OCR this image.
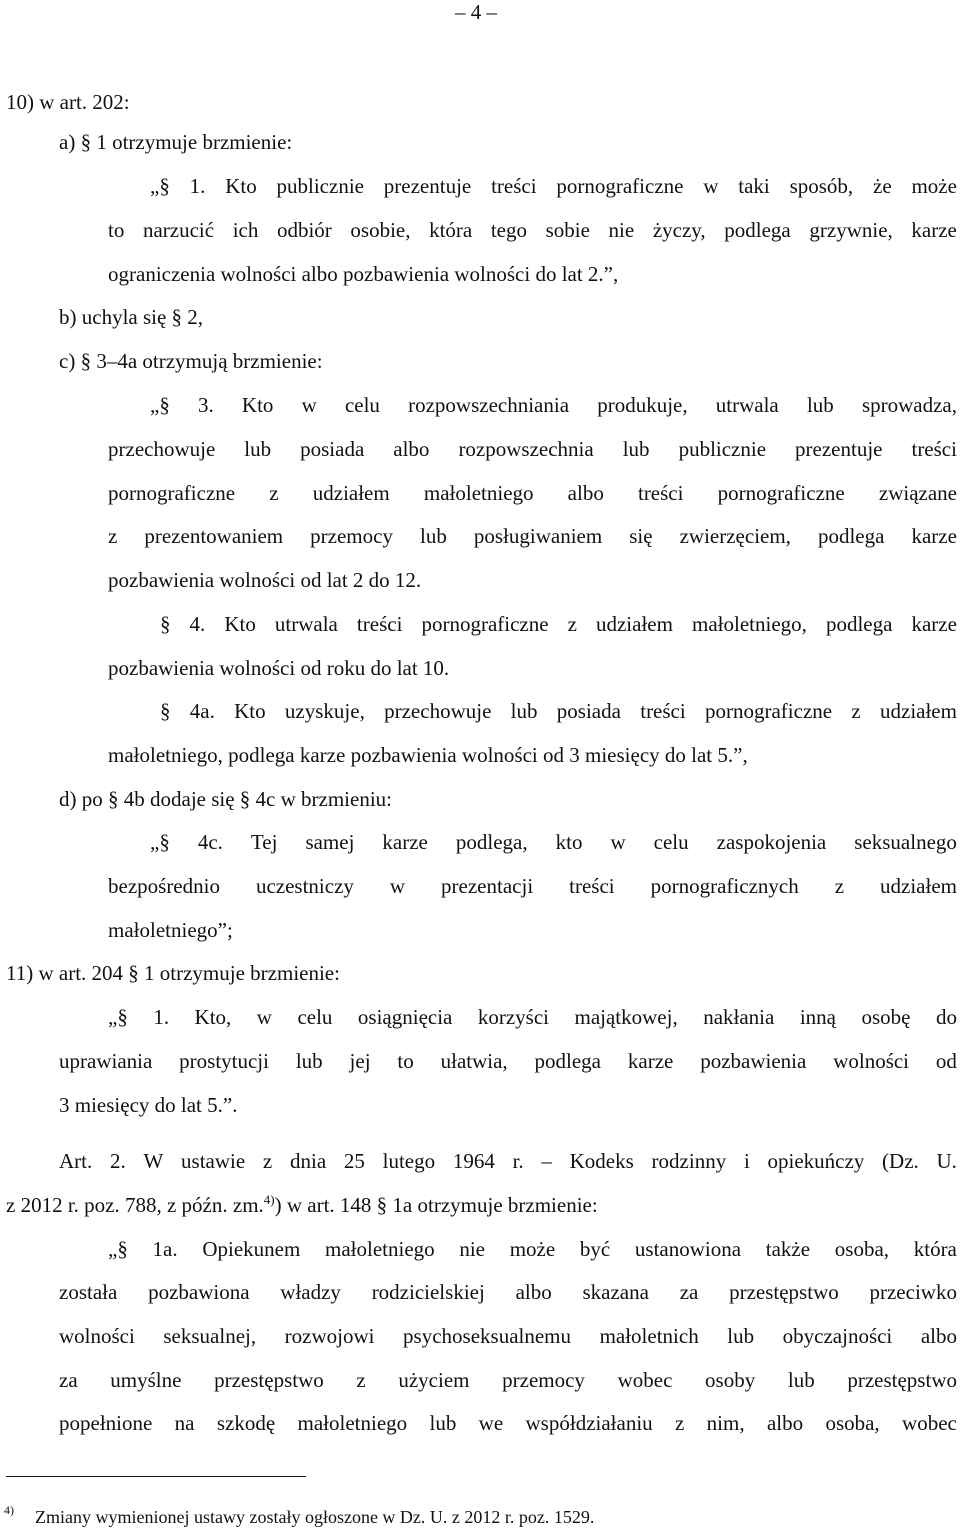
– 4 –
10) w art. 202:
a) § 1 otrzymuje brzmienie:
„§ 1. Kto publicznie prezentuje treści pornograficzne w taki sposób, że może
to narzucić ich odbiór osobie, która tego sobie nie życzy, podlega grzywnie, karze
ograniczenia wolności albo pozbawienia wolności do lat 2.”,
b) uchyla się § 2,
c) § 3–4a otrzymują brzmienie:
„§ 3. Kto w celu rozpowszechniania produkuje, utrwala lub sprowadza,
przechowuje lub posiada albo rozpowszechnia lub publicznie prezentuje treści
pornograficzne z udziałem małoletniego albo treści pornograficzne związane
z prezentowaniem przemocy lub posługiwaniem się zwierzęciem, podlega karze
pozbawienia wolności od lat 2 do 12.
§ 4. Kto utrwala treści pornograficzne z udziałem małoletniego, podlega karze
pozbawienia wolności od roku do lat 10.
§ 4a. Kto uzyskuje, przechowuje lub posiada treści pornograficzne z udziałem
małoletniego, podlega karze pozbawienia wolności od 3 miesięcy do lat 5.”,
d) po § 4b dodaje się § 4c w brzmieniu:
„§ 4c. Tej samej karze podlega, kto w celu zaspokojenia seksualnego
bezpośrednio uczestniczy w prezentacji treści pornograficznych z udziałem
małoletniego”;
11) w art. 204 § 1 otrzymuje brzmienie:
„§ 1. Kto, w celu osiągnięcia korzyści majątkowej, nakłania inną osobę do
uprawiania prostytucji lub jej to ułatwia, podlega karze pozbawienia wolności od
3 miesięcy do lat 5.”.
Art. 2. W ustawie z dnia 25 lutego 1964 r. – Kodeks rodzinny i opiekuńczy (Dz. U.
z 2012 r. poz. 788, z późn. zm.$^{4)}$) w art. 148 § 1a otrzymuje brzmienie:
„§ 1a. Opiekunem małoletniego nie może być ustanowiona także osoba, która
została pozbawiona władzy rodzicielskiej albo skazana za przestępstwo przeciwko
wolności seksualnej, rozwojowi psychoseksualnemu małoletnich lub obyczajności albo
za umyślne przestępstwo z użyciem przemocy wobec osoby lub przestępstwo
popełnione na szkodę małoletniego lub we współdziałaniu z nim, albo osoba, wobec
4) Zmiany wymienionej ustawy zostały ogłoszone w Dz. U. z 2012 r. poz. 1529.
